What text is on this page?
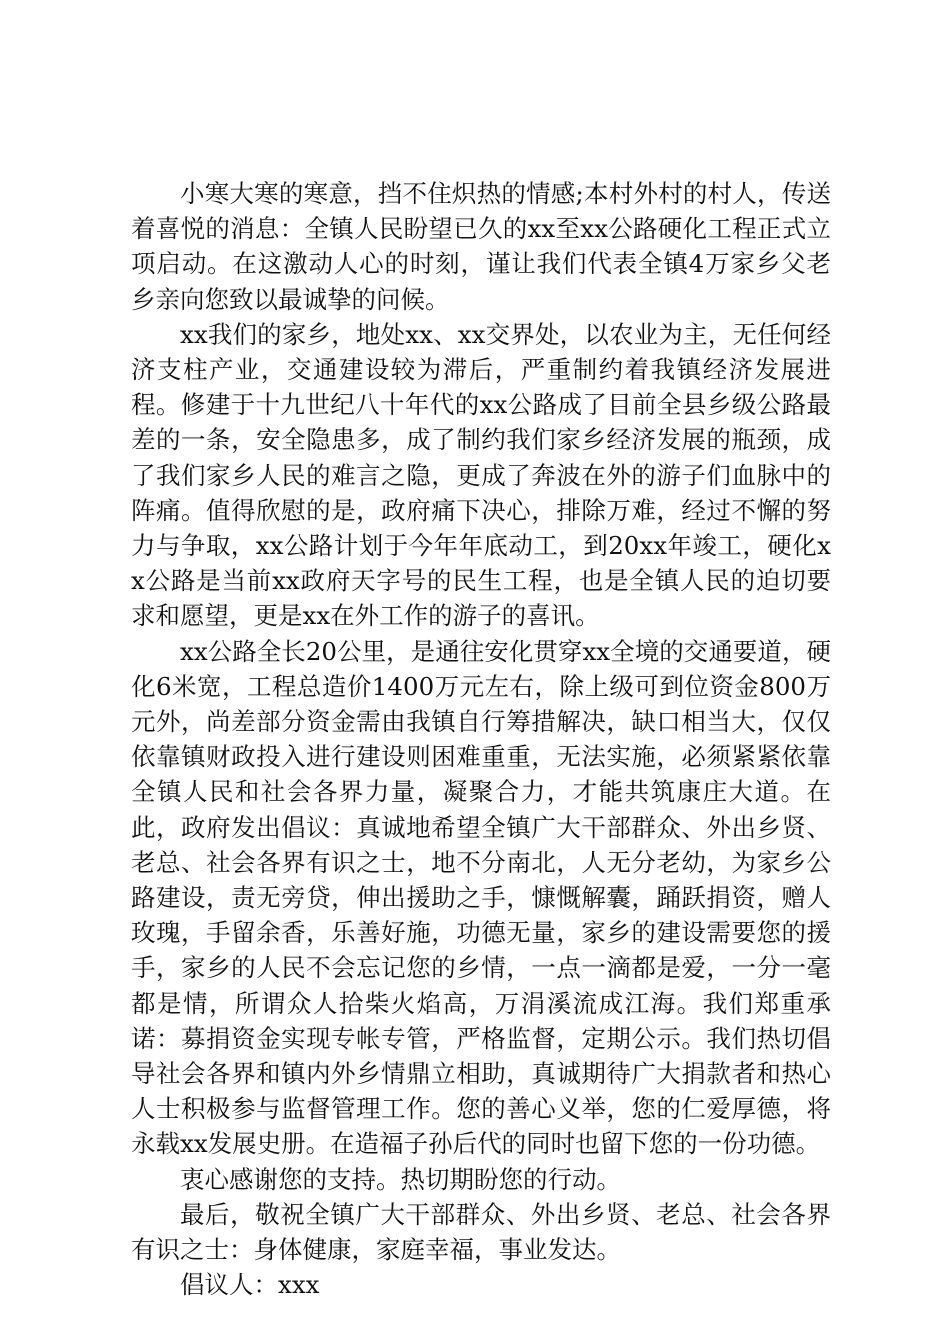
小寒大寒的寒意，挡不住炽热的情感;本村外村的村人，传送着喜悦的消息：全镇人民盼望已久的xx至xx公路硬化工程正式立项启动。在这激动人心的时刻，谨让我们代表全镇4万家乡父老乡亲向您致以最诚挚的问候。

xx我们的家乡，地处xx、xx交界处，以农业为主，无任何经济支柱产业，交通建设较为滞后，严重制约着我镇经济发展进程。修建于十九世纪八十年代的xx公路成了目前全县乡级公路最差的一条，安全隐患多，成了制约我们家乡经济发展的瓶颈，成了我们家乡人民的难言之隐，更成了奔波在外的游子们血脉中的阵痛。值得欣慰的是，政府痛下决心，排除万难，经过不懈的努力与争取，xx公路计划于今年年底动工，到20xx年竣工，硬化xx公路是当前xx政府天字号的民生工程，也是全镇人民的迫切要求和愿望，更是xx在外工作的游子的喜讯。

xx公路全长20公里，是通往安化贯穿xx全境的交通要道，硬化6米宽，工程总造价1400万元左右，除上级可到位资金800万元外，尚差部分资金需由我镇自行筹措解决，缺口相当大，仅仅依靠镇财政投入进行建设则困难重重，无法实施，必须紧紧依靠全镇人民和社会各界力量，凝聚合力，才能共筑康庄大道。在此，政府发出倡议：真诚地希望全镇广大干部群众、外出乡贤、老总、社会各界有识之士，地不分南北，人无分老幼，为家乡公路建设，责无旁贷，伸出援助之手，慷慨解囊，踊跃捐资，赠人玫瑰，手留余香，乐善好施，功德无量，家乡的建设需要您的援手，家乡的人民不会忘记您的乡情，一点一滴都是爱，一分一毫都是情，所谓众人拾柴火焰高，万涓溪流成江海。我们郑重承诺：募捐资金实现专帐专管，严格监督，定期公示。我们热切倡导社会各界和镇内外乡情鼎立相助，真诚期待广大捐款者和热心人士积极参与监督管理工作。您的善心义举，您的仁爱厚德，将永载xx发展史册。在造福子孙后代的同时也留下您的一份功德。

衷心感谢您的支持。热切期盼您的行动。

最后，敬祝全镇广大干部群众、外出乡贤、老总、社会各界有识之士：身体健康，家庭幸福，事业发达。

倡议人：xxx
